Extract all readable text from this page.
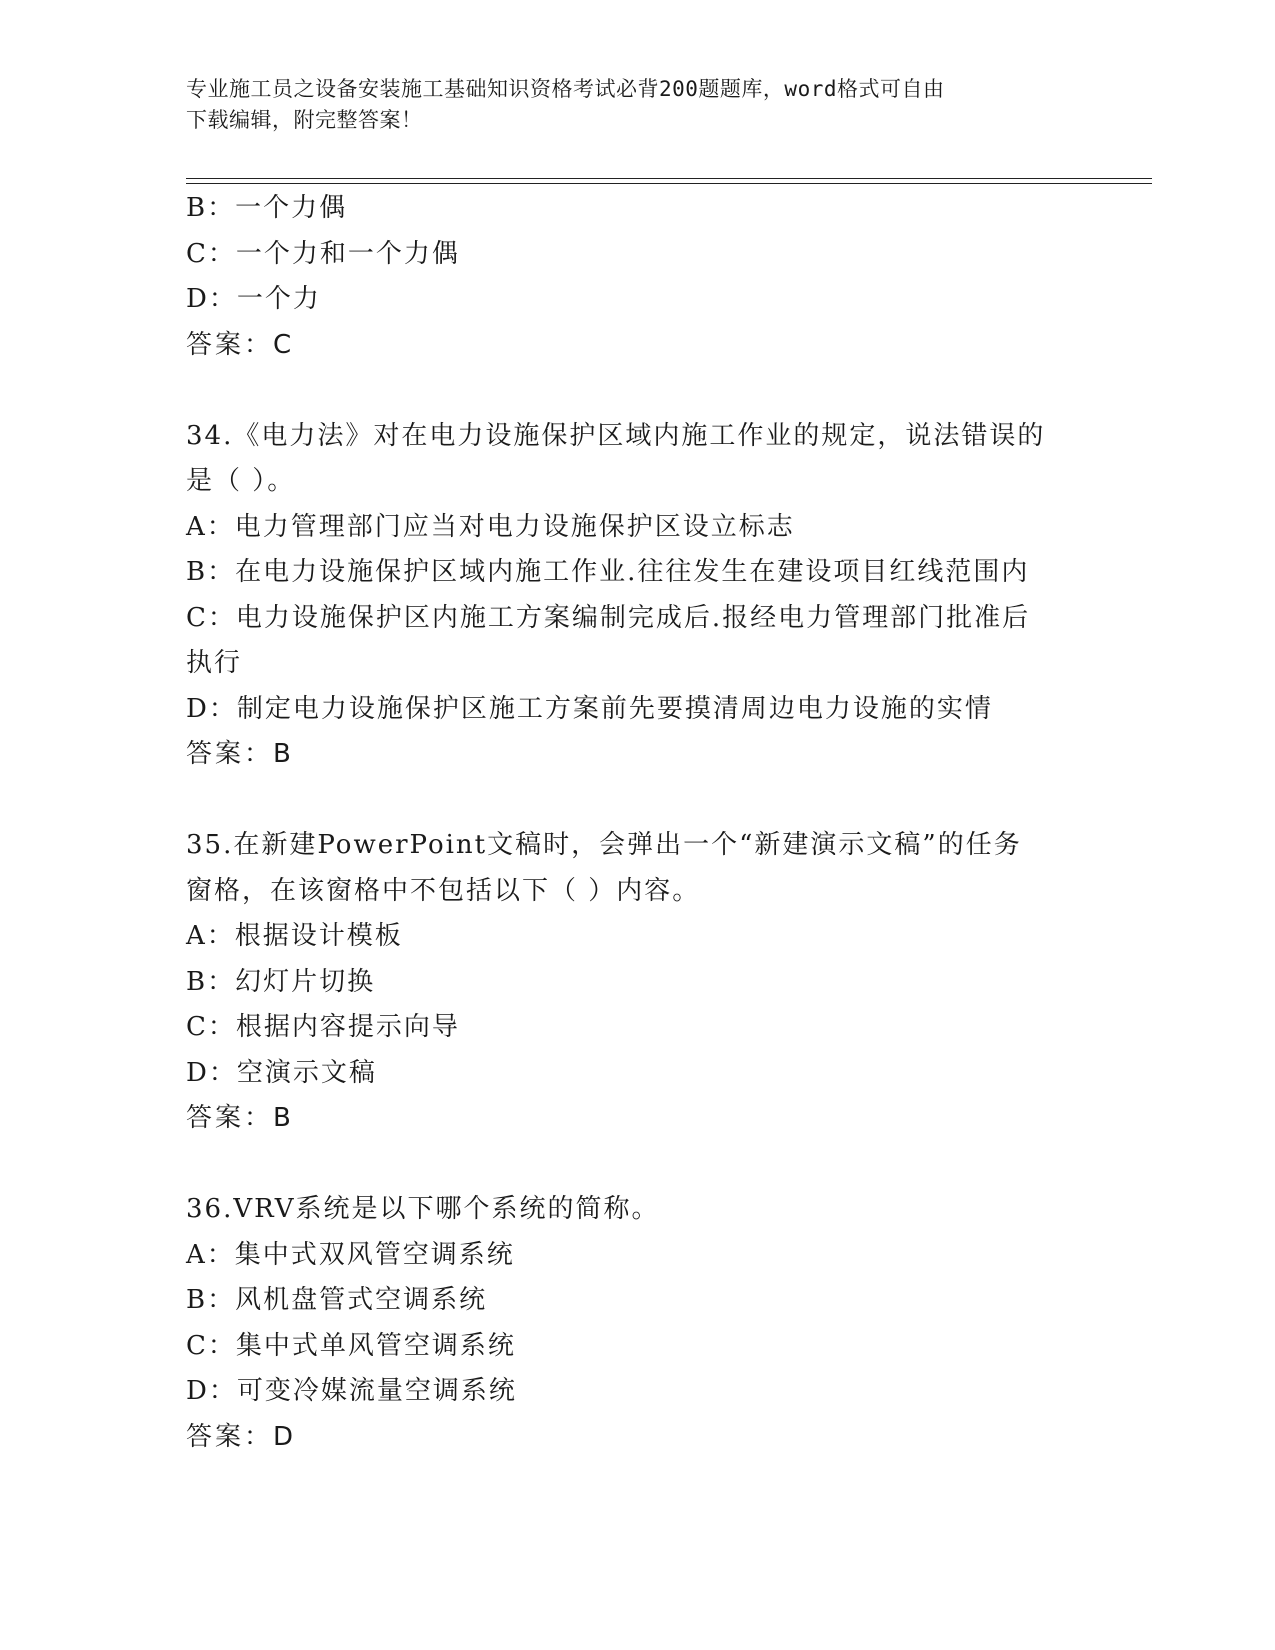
专业施工员之设备安装施工基础知识资格考试必背200题题库，word格式可自由
下载编辑，附完整答案！
B：一个力偶
C：一个力和一个力偶
D：一个力
答案：C
34.《电力法》对在电力设施保护区域内施工作业的规定，说法错误的
是（ ）。
A：电力管理部门应当对电力设施保护区设立标志
B：在电力设施保护区域内施工作业.往往发生在建设项目红线范围内
C：电力设施保护区内施工方案编制完成后.报经电力管理部门批准后
执行
D：制定电力设施保护区施工方案前先要摸清周边电力设施的实情
答案：B
35.在新建PowerPoint文稿时，会弹出一个“新建演示文稿”的任务
窗格，在该窗格中不包括以下（ ）内容。
A：根据设计模板
B：幻灯片切换
C：根据内容提示向导
D：空演示文稿
答案：B
36.VRV系统是以下哪个系统的简称。
A：集中式双风管空调系统
B：风机盘管式空调系统
C：集中式单风管空调系统
D：可变冷媒流量空调系统
答案：D
